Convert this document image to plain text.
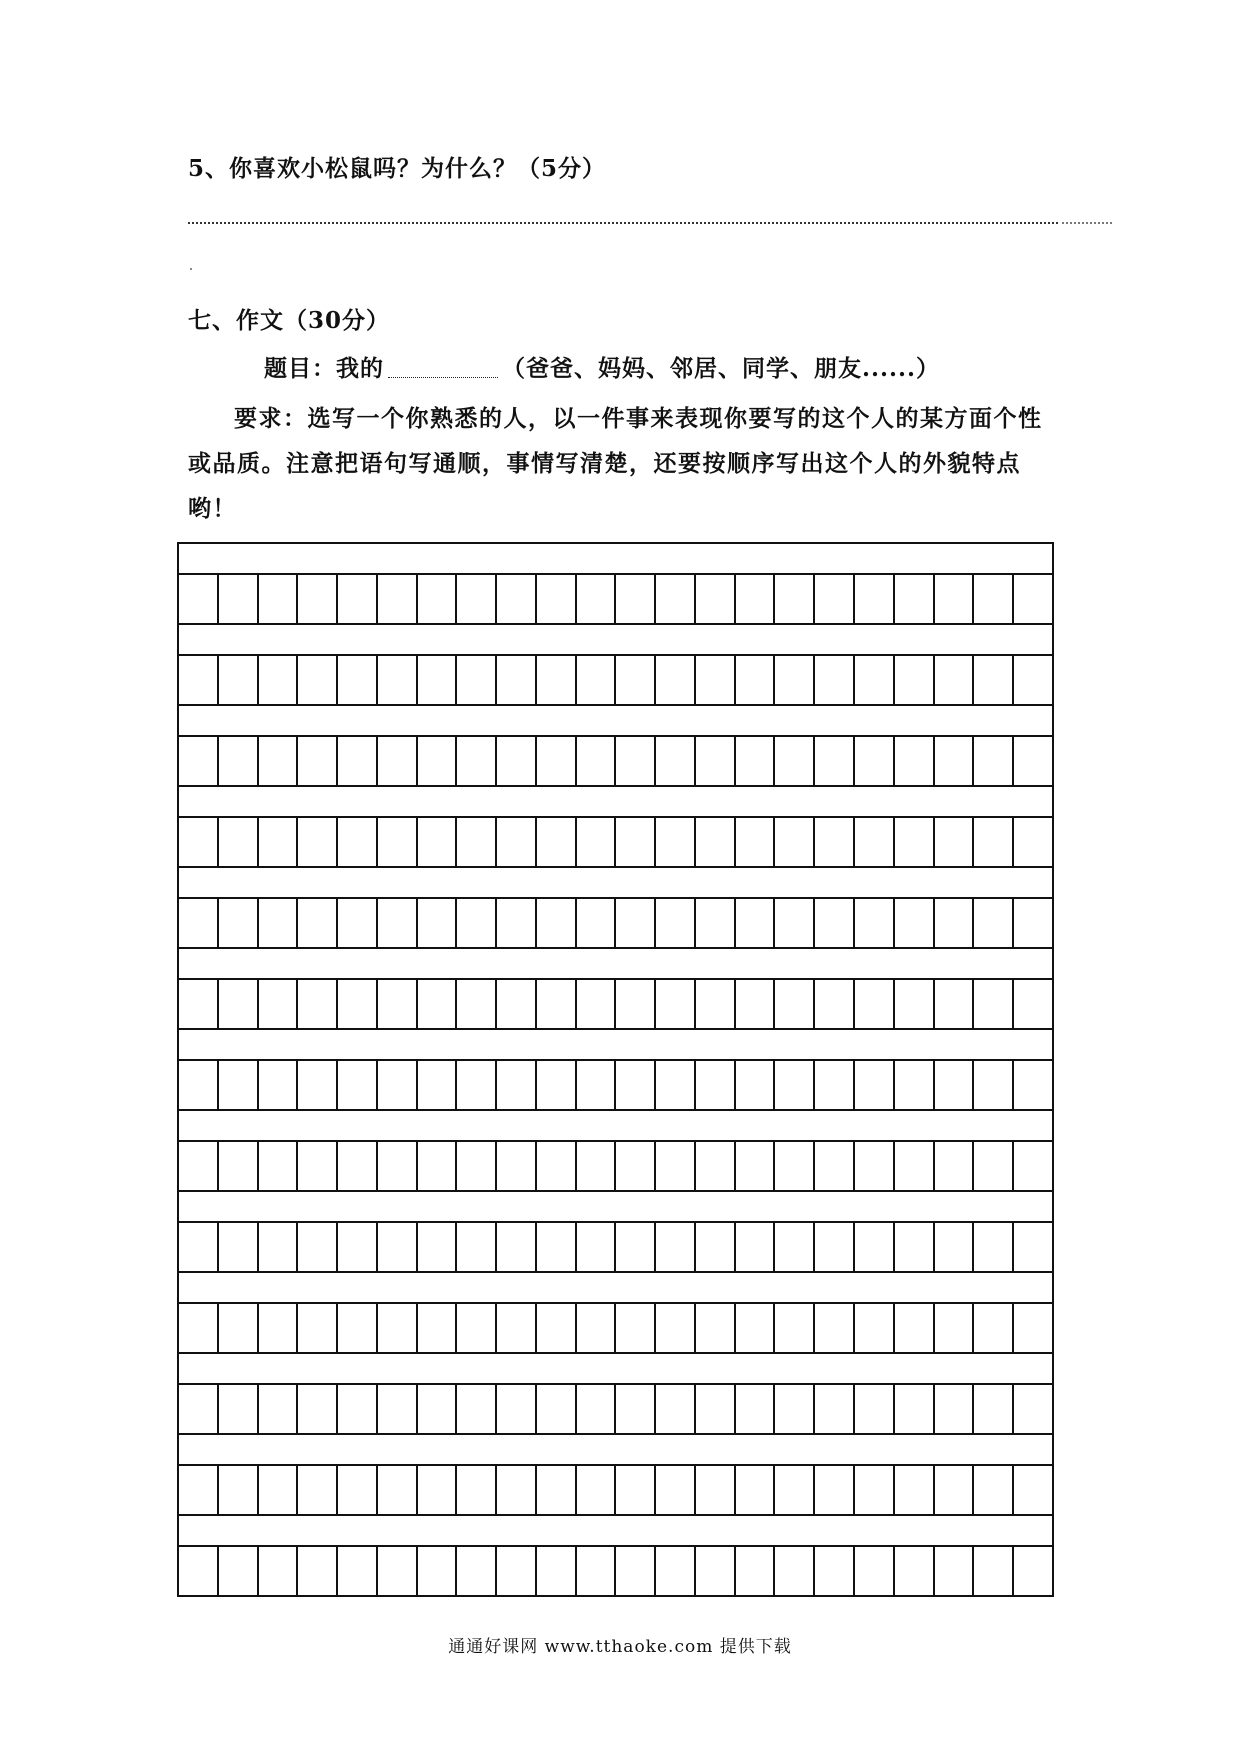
5、你喜欢小松鼠吗？为什么？（5分）
七、作文（30分）
题目：我的	（爸爸、妈妈、邻居、同学、朋友......）
要求：选写一个你熟悉的人，以一件事来表现你要写的这个人的某方面个性或品质。注意把语句写通顺，事情写清楚，还要按顺序写出这个人的外貌特点哟！
通通好课网 www.tthaoke.com 提供下载
